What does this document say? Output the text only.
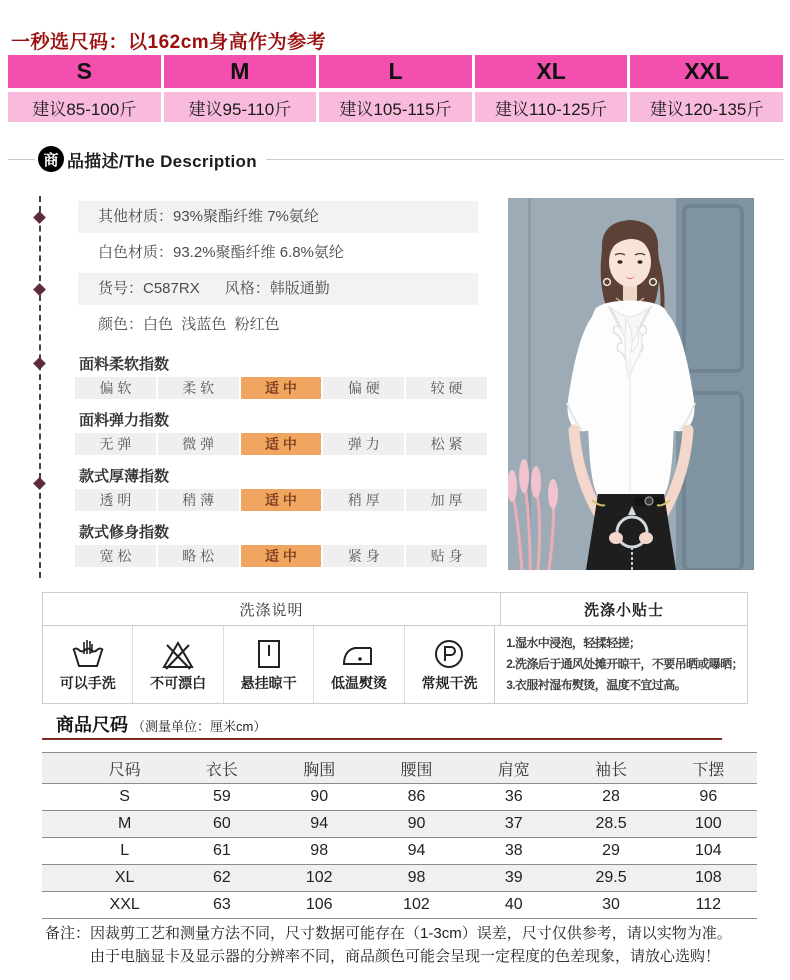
一秒选尺码：以162cm身高作为参考
S	M	L	XL	XXL
建议85-100斤	建议95-110斤	建议105-115斤	建议110-125斤	建议120-135斤
商 品描述/The Description
其他材质：93%聚酯纤维 7%氨纶
白色材质：93.2%聚酯纤维 6.8%氨纶
货号：C587RX      风格：韩版通勤
颜色：白色  浅蓝色  粉红色
面料柔软指数
偏 软	柔 软	适 中	偏 硬	较 硬
面料弹力指数
无 弹	微 弹	适 中	弹 力	松 紧
款式厚薄指数
透 明	稍 薄	适 中	稍 厚	加 厚
款式修身指数
宽 松	略 松	适 中	紧 身	贴 身
洗涤说明	洗涤小贴士
可以手洗 不可漂白 悬挂晾干 低温熨烫 常规干洗
1.湿水中浸泡，轻揉轻搓；
2.洗涤后于通风处摊开晾干，不要吊晒或曝晒；
3.衣服衬湿布熨烫，温度不宜过高。
商品尺码 （测量单位：厘米cm）
尺码	衣长	胸围	腰围	肩宽	袖长	下摆
S	59	90	86	36	28	96
M	60	94	90	37	28.5	100
L	61	98	94	38	29	104
XL	62	102	98	39	29.5	108
XXL	63	106	102	40	30	112
备注： 因裁剪工艺和测量方法不同，尺寸数据可能存在（1-3cm）误差，尺寸仅供参考，请以实物为准。
由于电脑显卡及显示器的分辨率不同，商品颜色可能会呈现一定程度的色差现象，请放心选购！
